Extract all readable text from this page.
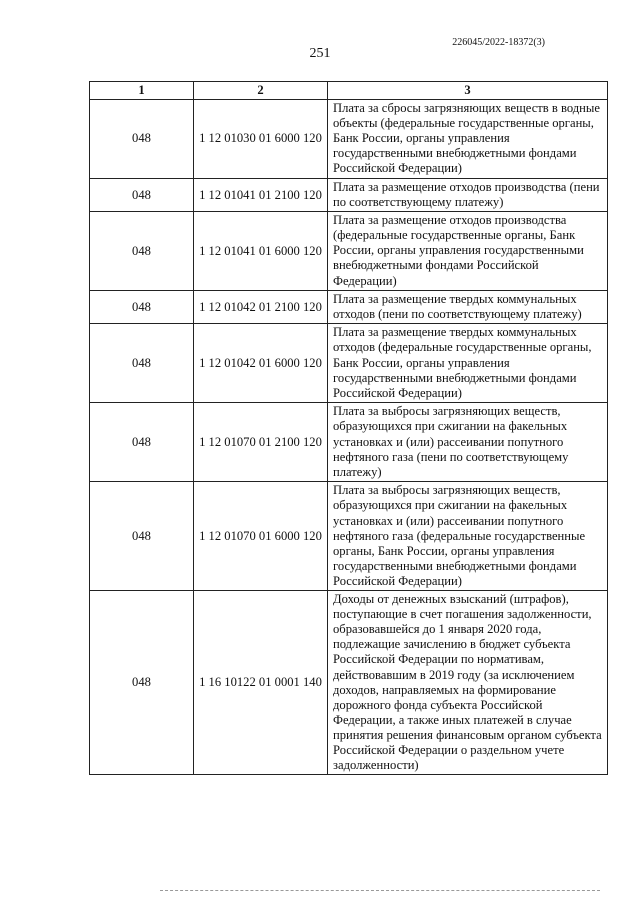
226045/2022-18372(3)
251
1	2	3
048	1 12 01030 01 6000 120	Плата за сбросы загрязняющих веществ в водные объекты (федеральные государственные органы, Банк России, органы управления государственными внебюджетными фондами Российской Федерации)
048	1 12 01041 01 2100 120	Плата за размещение отходов производства (пени по соответствующему платежу)
048	1 12 01041 01 6000 120	Плата за размещение отходов производства (федеральные государственные органы, Банк России, органы управления государственными внебюджетными фондами Российской Федерации)
048	1 12 01042 01 2100 120	Плата за размещение твердых коммунальных отходов (пени по соответствующему платежу)
048	1 12 01042 01 6000 120	Плата за размещение твердых коммунальных отходов (федеральные государственные органы, Банк России, органы управления государственными внебюджетными фондами Российской Федерации)
048	1 12 01070 01 2100 120	Плата за выбросы загрязняющих веществ, образующихся при сжигании на факельных установках и (или) рассеивании попутного нефтяного газа (пени по соответствующему платежу)
048	1 12 01070 01 6000 120	Плата за выбросы загрязняющих веществ, образующихся при сжигании на факельных установках и (или) рассеивании попутного нефтяного газа (федеральные государственные органы, Банк России, органы управления государственными внебюджетными фондами Российской Федерации)
048	1 16 10122 01 0001 140	Доходы от денежных взысканий (штрафов), поступающие в счет погашения задолженности, образовавшейся до 1 января 2020 года, подлежащие зачислению в бюджет субъекта Российской Федерации по нормативам, действовавшим в 2019 году (за исключением доходов, направляемых на формирование дорожного фонда субъекта Российской Федерации, а также иных платежей в случае принятия решения финансовым органом субъекта Российской Федерации о раздельном учете задолженности)
